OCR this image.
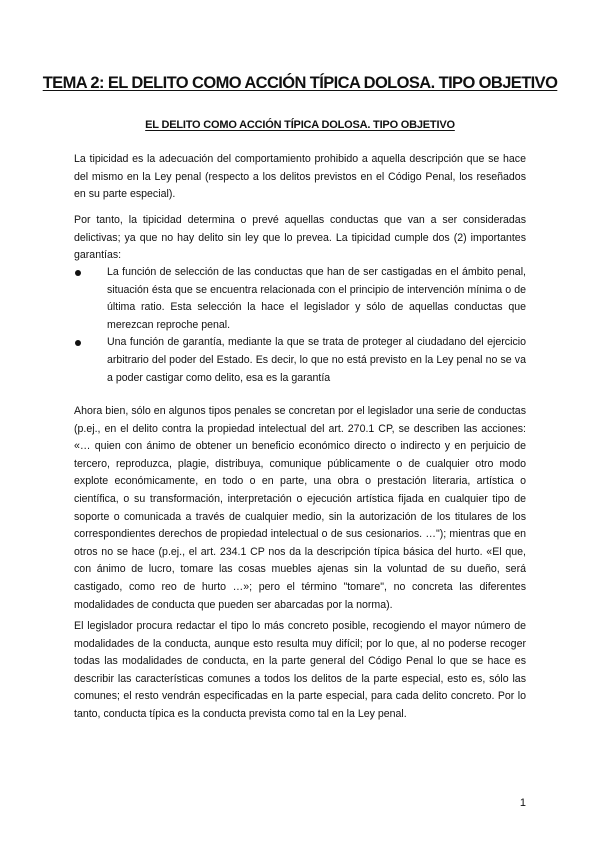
TEMA 2: EL DELITO COMO ACCIÓN TÍPICA DOLOSA. TIPO OBJETIVO
EL DELITO COMO ACCIÓN TÍPICA DOLOSA. TIPO OBJETIVO

La tipicidad es la adecuación del comportamiento prohibido a aquella descripción que se hace del mismo en la Ley penal (respecto a los delitos previstos en el Código Penal, los reseñados en su parte especial).

Por tanto, la tipicidad determina o prevé aquellas conductas que van a ser consideradas delictivas; ya que no hay delito sin ley que lo prevea. La tipicidad cumple dos (2) importantes garantías:

La función de selección de las conductas que han de ser castigadas en el ámbito penal, situación ésta que se encuentra relacionada con el principio de intervención mínima o de última ratio. Esta selección la hace el legislador y sólo de aquellas conductas que merezcan reproche penal.
Una función de garantía, mediante la que se trata de proteger al ciudadano del ejercicio arbitrario del poder del Estado. Es decir, lo que no está previsto en la Ley penal no se va a poder castigar como delito, esa es la garantía

Ahora bien, sólo en algunos tipos penales se concretan por el legislador una serie de conductas (p.ej., en el delito contra la propiedad intelectual del art. 270.1 CP, se describen las acciones: «… quien con ánimo de obtener un beneficio económico directo o indirecto y en perjuicio de tercero, reproduzca, plagie, distribuya, comunique públicamente o de cualquier otro modo explote económicamente, en todo o en parte, una obra o prestación literaria, artística o científica, o su transformación, interpretación o ejecución artística fijada en cualquier tipo de soporte o comunicada a través de cualquier medio, sin la autorización de los titulares de los correspondientes derechos de propiedad intelectual o de sus cesionarios. …"); mientras que en otros no se hace (p.ej., el art. 234.1 CP nos da la descripción típica básica del hurto. «El que, con ánimo de lucro, tomare las cosas muebles ajenas sin la voluntad de su dueño, será castigado, como reo de hurto …»; pero el término "tomare", no concreta las diferentes modalidades de conducta que pueden ser abarcadas por la norma).

El legislador procura redactar el tipo lo más concreto posible, recogiendo el mayor número de modalidades de la conducta, aunque esto resulta muy difícil; por lo que, al no poderse recoger todas las modalidades de conducta, en la parte general del Código Penal lo que se hace es describir las características comunes a todos los delitos de la parte especial, esto es, sólo las comunes; el resto vendrán especificadas en la parte especial, para cada delito concreto. Por lo tanto, conducta típica es la conducta prevista como tal en la Ley penal.

1
